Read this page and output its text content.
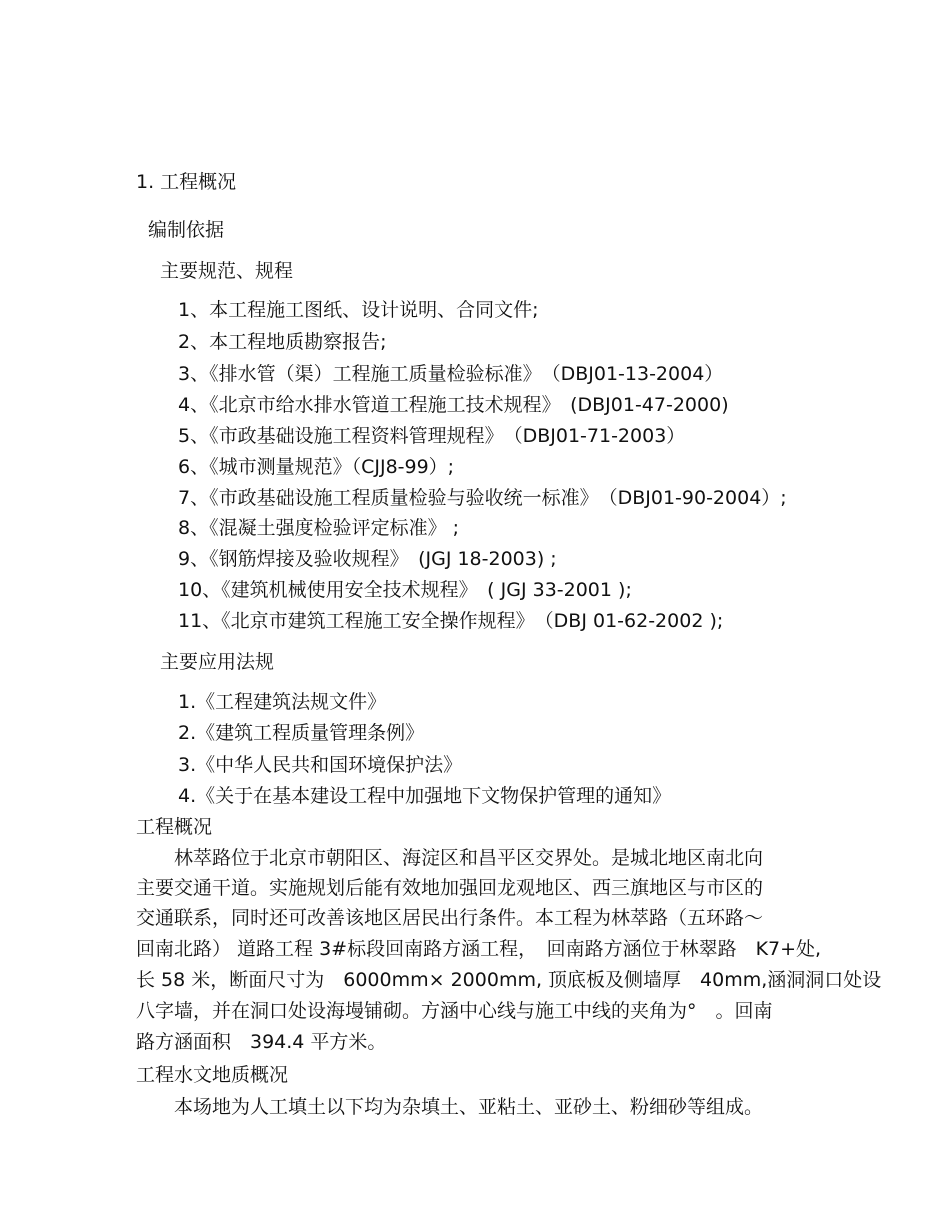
1. 工程概况
编制依据
主要规范、规程
1、本工程施工图纸、设计说明、合同文件;
2、本工程地质勘察报告;
3、《排水管（渠）工程施工质量检验标准》　（DBJ01-13-2004）
4、《北京市给水排水管道工程施工技术规程》　(DBJ01-47-2000)
5、《市政基础设施工程资料管理规程》　（DBJ01-71-2003）
6、《城市测量规范》（CJJ8-99）;
7、《市政基础设施工程质量检验与验收统一标准》　（DBJ01-90-2004）;
8、《混凝土强度检验评定标准》 ;
9、《钢筋焊接及验收规程》　(JGJ 18-2003) ;
10、《建筑机械使用安全技术规程》　( JGJ 33-2001 );
11、《北京市建筑工程施工安全操作规程》　（DBJ 01-62-2002 );
主要应用法规
1.《工程建筑法规文件》
2.《建筑工程质量管理条例》
3.《中华人民共和国环境保护法》
4.《关于在基本建设工程中加强地下文物保护管理的通知》
工程概况
　　林萃路位于北京市朝阳区、海淀区和昌平区交界处。是城北地区南北向
主要交通干道。实施规划后能有效地加强回龙观地区、西三旗地区与市区的
交通联系，同时还可改善该地区居民出行条件。本工程为林萃路（五环路～
回南北路） 道路工程 3#标段回南路方涵工程，　回南路方涵位于林翠路　K7+处,
长 58 米，断面尺寸为　6000mm× 2000mm, 顶底板及侧墙厚　40mm,涵洞洞口处设
八字墙，并在洞口处设海墁铺砌。方涵中心线与施工中线的夹角为°　。回南
路方涵面积　394.4 平方米。
工程水文地质概况
　　本场地为人工填土以下均为杂填土、亚粘土、亚砂土、粉细砂等组成。
